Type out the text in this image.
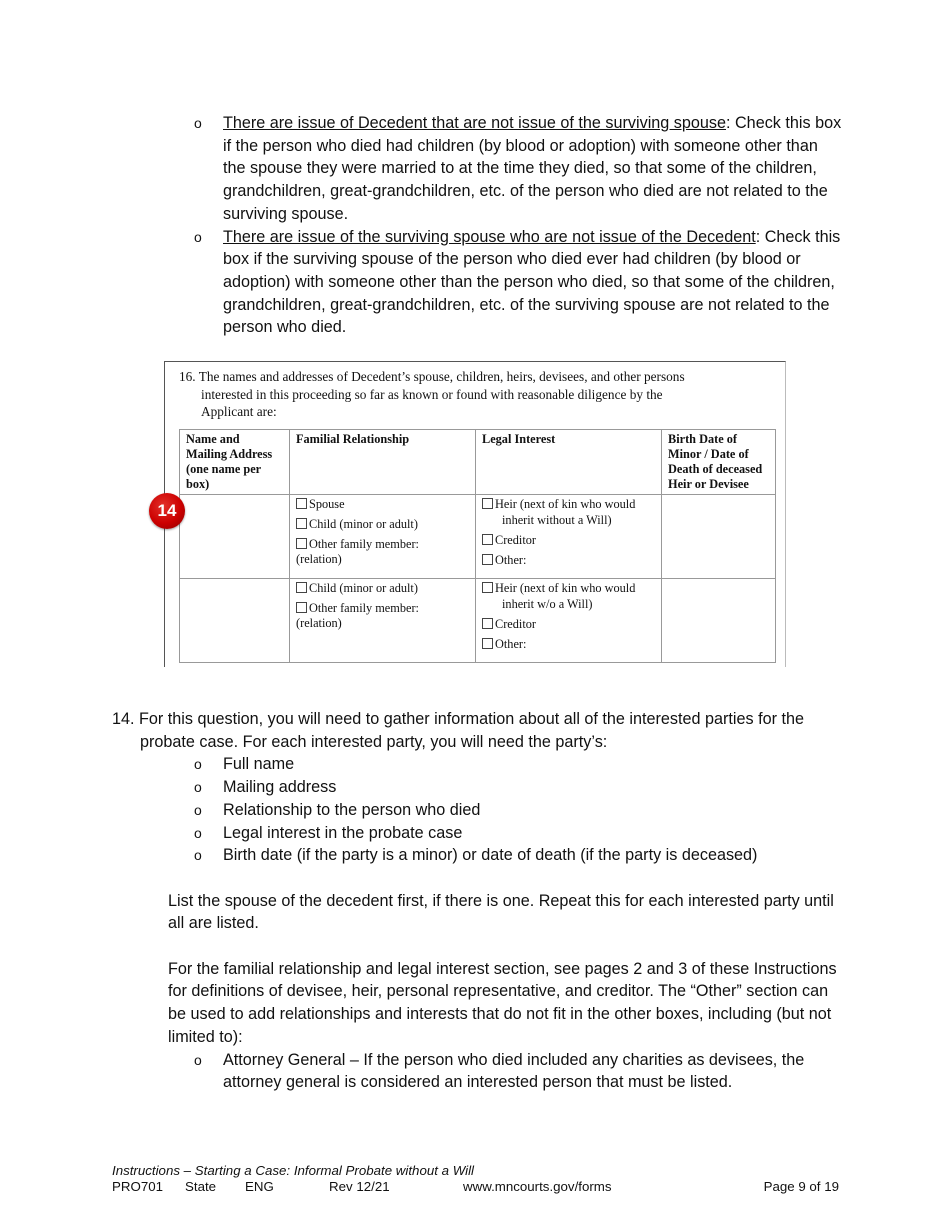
o There are issue of Decedent that are not issue of the surviving spouse: Check this box if the person who died had children (by blood or adoption) with someone other than the spouse they were married to at the time they died, so that some of the children, grandchildren, great-grandchildren, etc. of the person who died are not related to the surviving spouse.
o There are issue of the surviving spouse who are not issue of the Decedent: Check this box if the surviving spouse of the person who died ever had children (by blood or adoption) with someone other than the person who died, so that some of the children, grandchildren, great-grandchildren, etc. of the surviving spouse are not related to the person who died.
16. The names and addresses of Decedent’s spouse, children, heirs, devisees, and other persons
interested in this proceeding so far as known or found with reasonable diligence by the
Applicant are:
Name and Mailing Address (one name per box)	Familial Relationship	Legal Interest	Birth Date of Minor / Date of Death of deceased Heir or Devisee

	Spouse
Child (minor or adult)
Other family member:
(relation)	Heir (next of kin who would
inherit without a Will)
Creditor
Other:	

	Child (minor or adult)
Other family member:
(relation)	Heir (next of kin who would
inherit w/o a Will)
Creditor
Other:	

14
14. For this question, you will need to gather information about all of the interested parties for the probate case. For each interested party, you will need the party’s:
o Full name
o Mailing address
o Relationship to the person who died
o Legal interest in the probate case
o Birth date (if the party is a minor) or date of death (if the party is deceased)
List the spouse of the decedent first, if there is one. Repeat this for each interested party until all are listed.
For the familial relationship and legal interest section, see pages 2 and 3 of these Instructions for definitions of devisee, heir, personal representative, and creditor. The “Other” section can be used to add relationships and interests that do not fit in the other boxes, including (but not limited to):
o Attorney General – If the person who died included any charities as devisees, the attorney general is considered an interested person that must be listed.
Instructions – Starting a Case: Informal Probate without a Will
PRO701 State ENG	Rev 12/21	www.mncourts.gov/forms	Page 9 of 19
